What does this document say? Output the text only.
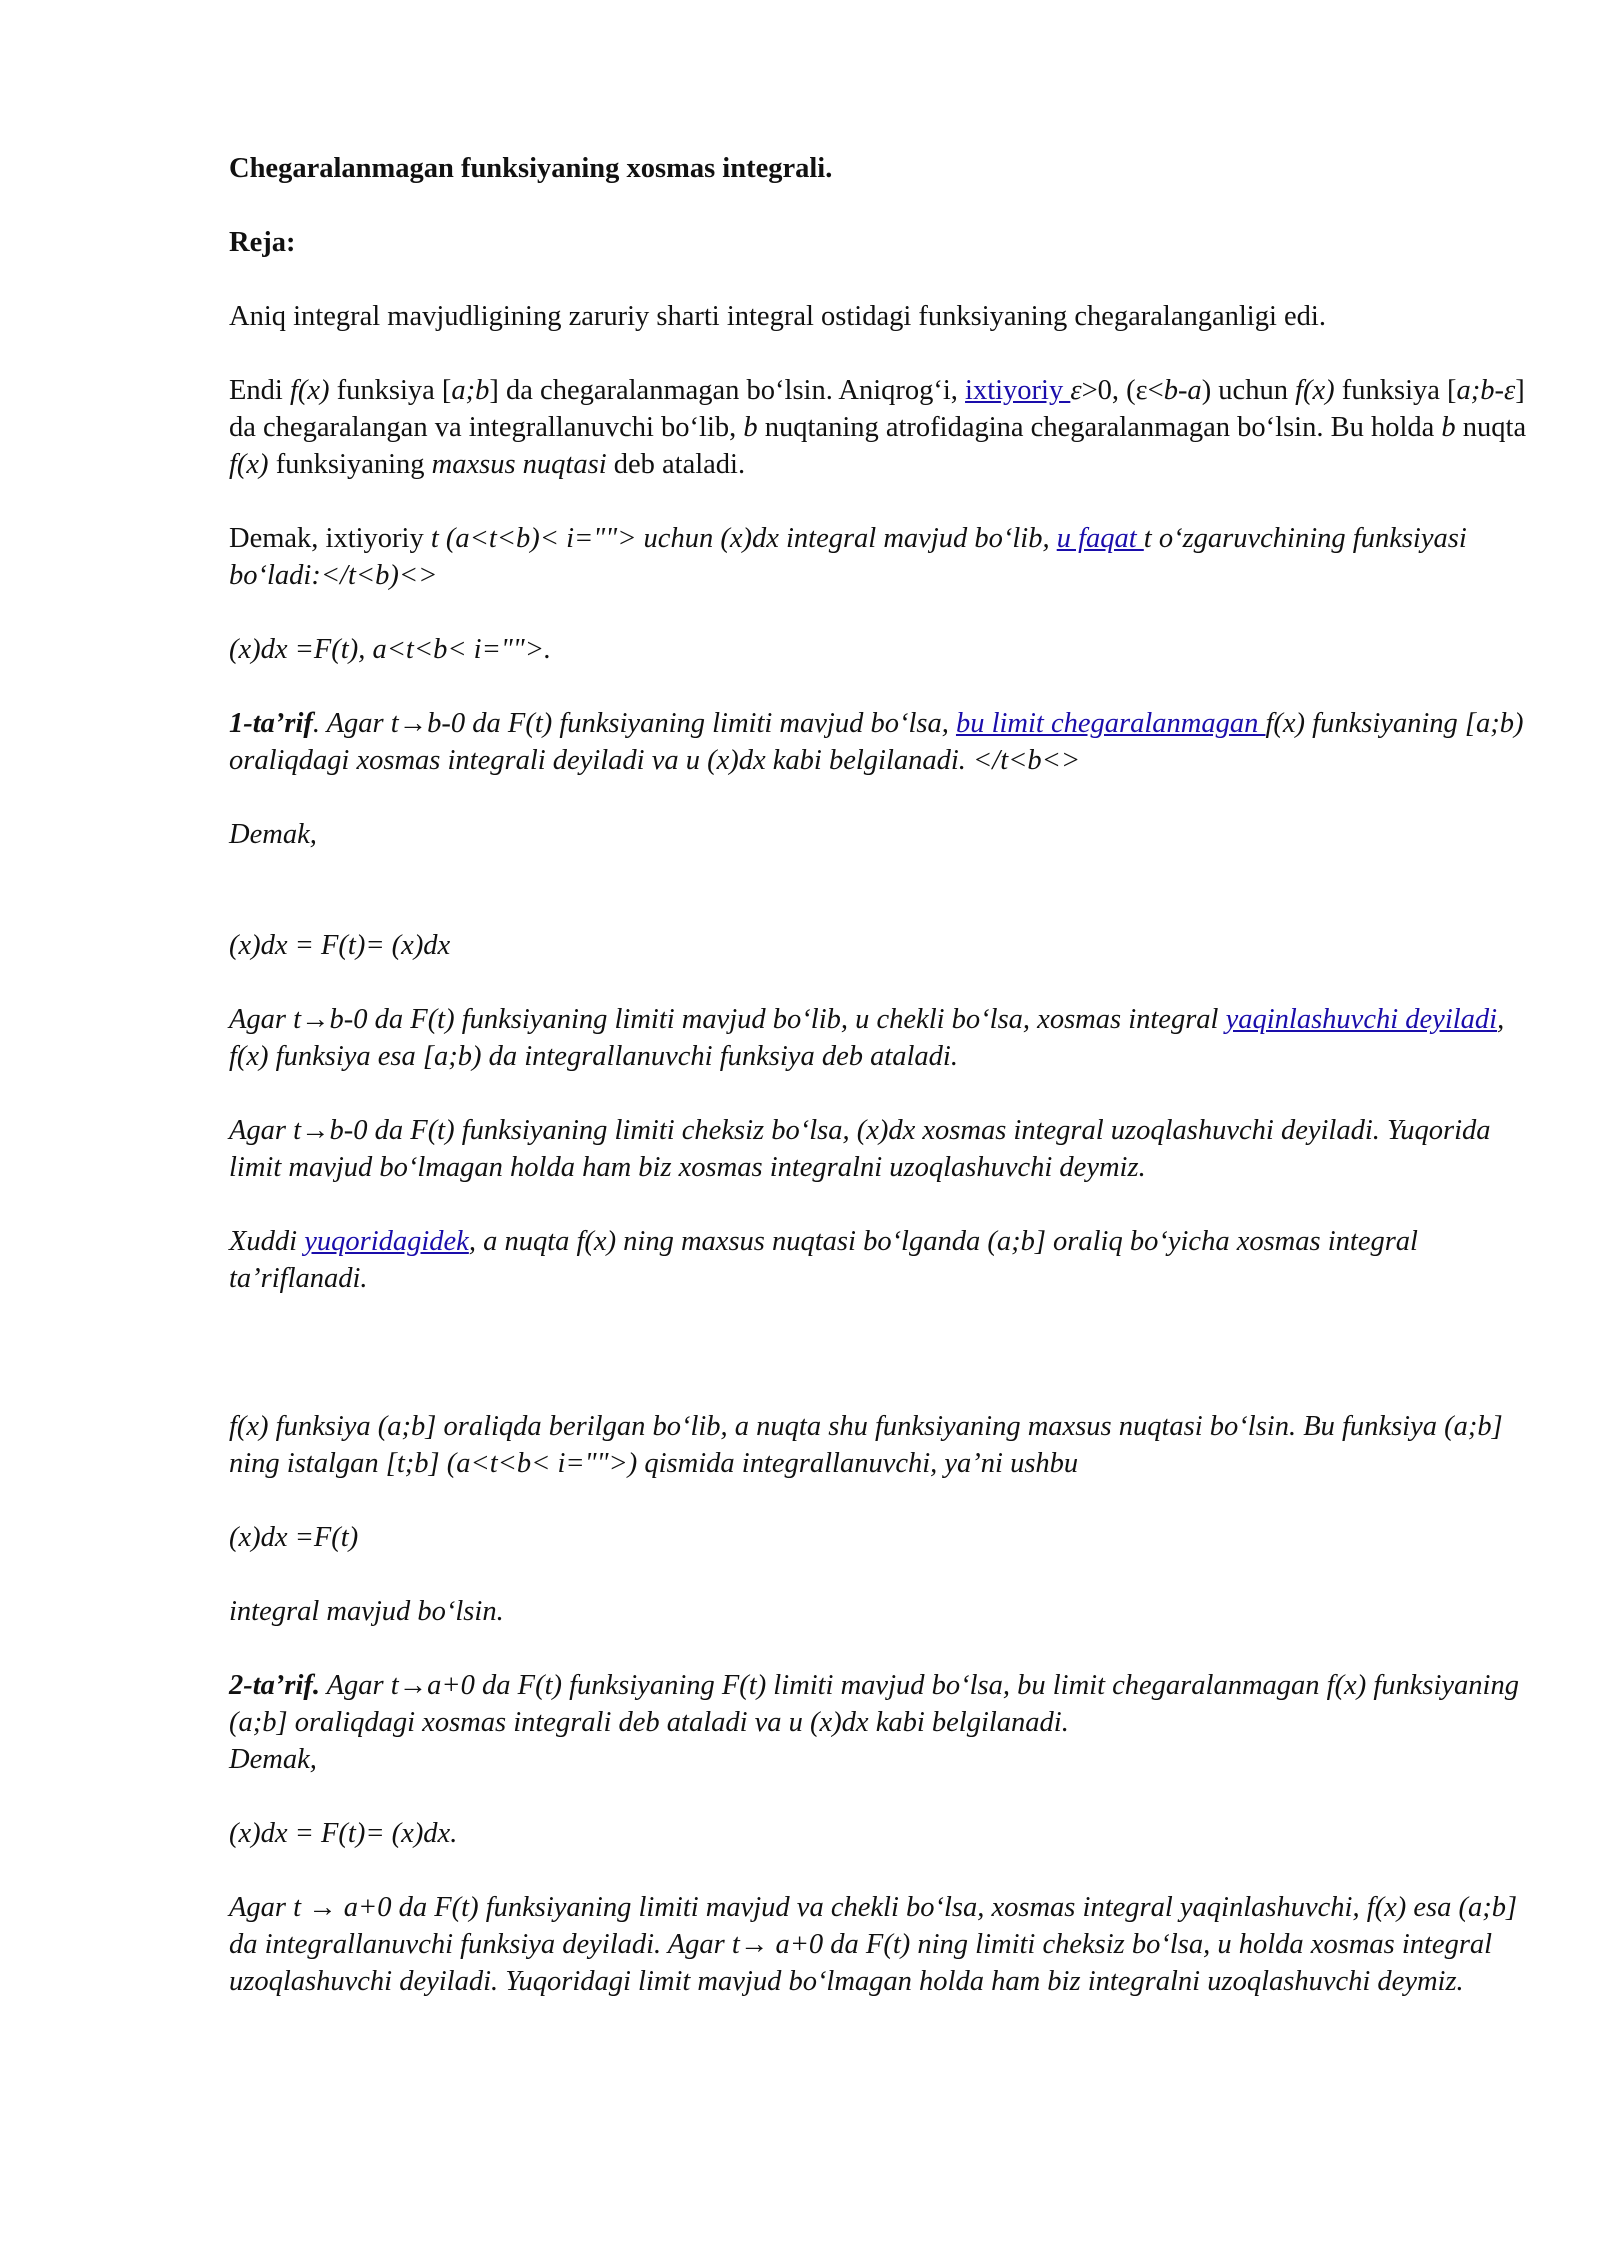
Chegaralanmagan funksiyaning xosmas integrali.

Reja:

Aniq integral mavjudligining zaruriy sharti integral ostidagi funksiyaning chegaralanganligi edi.

Endi f(x) funksiya [a;b] da chegaralanmagan bo‘lsin. Aniqrog‘i, ixtiyoriy ε>0, (ε<b-a) uchun f(x) funksiya [a;b-ε] da chegaralangan va integrallanuvchi bo‘lib, b nuqtaning atrofidagina chegaralanmagan bo‘lsin. Bu holda b nuqta f(x) funksiyaning maxsus nuqtasi deb ataladi.

Demak, ixtiyoriy t (a<t<b)< i=""> uchun (x)dx integral mavjud bo‘lib, u faqat t o‘zgaruvchining funksiyasi bo‘ladi:</t<b)<>

(x)dx =F(t), a<t<b< i="">.

1-ta’rif. Agar t→b-0 da F(t) funksiyaning limiti mavjud bo‘lsa, bu limit chegaralanmagan f(x) funksiyaning [a;b) oraliqdagi xosmas integrali deyiladi va u (x)dx kabi belgilanadi. </t<b<>

Demak,

(x)dx = F(t)= (x)dx

Agar t→b-0 da F(t) funksiyaning limiti mavjud bo‘lib, u chekli bo‘lsa, xosmas integral yaqinlashuvchi deyiladi, f(x) funksiya esa [a;b) da integrallanuvchi funksiya deb ataladi.

Agar t→b-0 da F(t) funksiyaning limiti cheksiz bo‘lsa, (x)dx xosmas integral uzoqlashuvchi deyiladi. Yuqorida limit mavjud bo‘lmagan holda ham biz xosmas integralni uzoqlashuvchi deymiz.

Xuddi yuqoridagidek, a nuqta f(x) ning maxsus nuqtasi bo‘lganda (a;b] oraliq bo‘yicha xosmas integral ta’riflanadi.

f(x) funksiya (a;b] oraliqda berilgan bo‘lib, a nuqta shu funksiyaning maxsus nuqtasi bo‘lsin. Bu funksiya (a;b] ning istalgan [t;b] (a<t<b< i="">) qismida integrallanuvchi, ya’ni ushbu

(x)dx =F(t)

integral mavjud bo‘lsin.

2-ta’rif. Agar t→a+0 da F(t) funksiyaning F(t) limiti mavjud bo‘lsa, bu limit chegaralanmagan f(x) funksiyaning (a;b] oraliqdagi xosmas integrali deb ataladi va u (x)dx kabi belgilanadi.

Demak,

(x)dx = F(t)= (x)dx.

Agar t → a+0 da F(t) funksiyaning limiti mavjud va chekli bo‘lsa, xosmas integral yaqinlashuvchi, f(x) esa (a;b] da integrallanuvchi funksiya deyiladi. Agar t→ a+0 da F(t) ning limiti cheksiz bo‘lsa, u holda xosmas integral uzoqlashuvchi deyiladi. Yuqoridagi limit mavjud bo‘lmagan holda ham biz integralni uzoqlashuvchi deymiz.
